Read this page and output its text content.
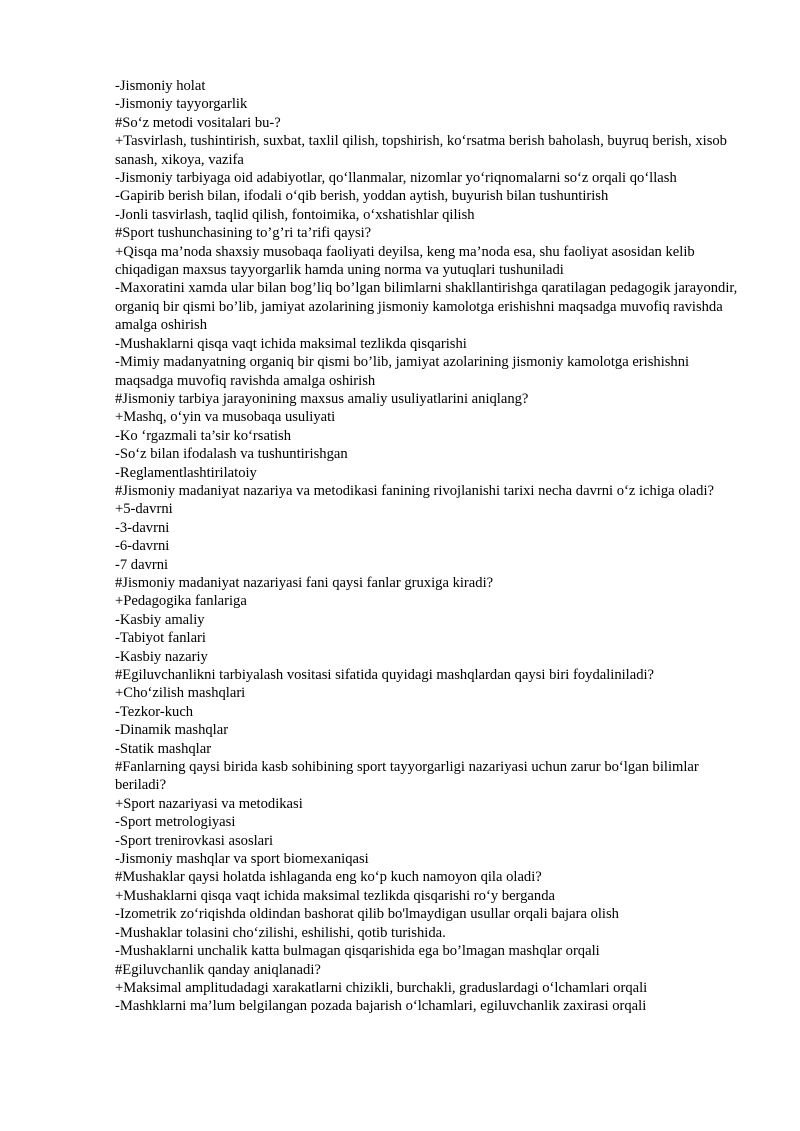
-Jismoniy holat
-Jismoniy tayyorgarlik
#So‘z metodi vositalari bu-?
+Tasvirlash, tushintirish, suxbat, taxlil qilish, topshirish, ko‘rsatma berish baholash, buyruq berish, xisob sanash, xikoya, vazifa
-Jismoniy tarbiyaga oid adabiyotlar, qo‘llanmalar, nizomlar yo‘riqnomalarni so‘z orqali qo‘llash
-Gapirib berish bilan, ifodali o‘qib berish, yoddan aytish, buyurish bilan tushuntirish
-Jonli tasvirlash, taqlid qilish, fontoimika, o‘xshatishlar qilish
#Sport tushunchasining to’g’ri ta’rifi qaysi?
+Qisqa ma’noda shaxsiy musobaqa faoliyati deyilsa, keng ma’noda esa, shu faoliyat asosidan kelib chiqadigan maxsus tayyorgarlik hamda uning norma va yutuqlari tushuniladi
-Maxoratini xamda ular bilan bog’liq bo’lgan bilimlarni shakllantirishga qaratilagan pedagogik jarayondir, organiq bir qismi bo’lib, jamiyat azolarining jismoniy kamolotga erishishni maqsadga muvofiq ravishda amalga oshirish
-Mushaklarni qisqa vaqt ichida maksimal tezlikda qisqarishi
-Mimiy madanyatning organiq bir qismi bo’lib, jamiyat azolarining jismoniy kamolotga erishishni maqsadga muvofiq ravishda amalga oshirish
#Jismoniy tarbiya jarayonining maxsus amaliy usuliyatlarini aniqlang?
+Mashq, o‘yin va musobaqa usuliyati
-Ko ‘rgazmali ta’sir ko‘rsatish
-So‘z bilan ifodalash va tushuntirishgan
-Reglamentlashtirilatoiy
#Jismoniy madaniyat nazariya va metodikasi fanining rivojlanishi tarixi necha davrni o‘z ichiga oladi?
+5-davrni
-3-davrni
-6-davrni
-7 davrni
#Jismoniy madaniyat nazariyasi fani qaysi fanlar gruxiga kiradi?
+Pedagogika fanlariga
-Kasbiy amaliy
-Tabiyot fanlari
-Kasbiy nazariy
#Egiluvchanlikni tarbiyalash vositasi sifatida quyidagi mashqlardan qaysi biri foydaliniladi?
+Cho‘zilish mashqlari
-Tezkor-kuch
-Dinamik mashqlar
-Statik mashqlar
#Fanlarning qaysi birida kasb sohibining sport tayyorgarligi nazariyasi uchun zarur bo‘lgan bilimlar beriladi?
+Sport nazariyasi va metodikasi
-Sport metrologiyasi
-Sport trenirovkasi asoslari
-Jismoniy mashqlar va sport biomexaniqasi
#Mushaklar qaysi holatda ishlaganda eng ko‘p kuch namoyon qila oladi?
+Mushaklarni qisqa vaqt ichida maksimal tezlikda qisqarishi ro‘y berganda
-Izometrik zo‘riqishda oldindan bashorat qilib bo'lmaydigan usullar orqali bajara olish
-Mushaklar tolasini cho‘zilishi, eshilishi, qotib turishida.
-Mushaklarni unchalik katta bulmagan qisqarishida ega bo’lmagan mashqlar orqali
#Egiluvchanlik qanday aniqlanadi?
+Maksimal amplitudadagi xarakatlarni chizikli, burchakli, graduslardagi o‘lchamlari orqali
-Mashklarni ma’lum belgilangan pozada bajarish o‘lchamlari, egiluvchanlik zaxirasi orqali
